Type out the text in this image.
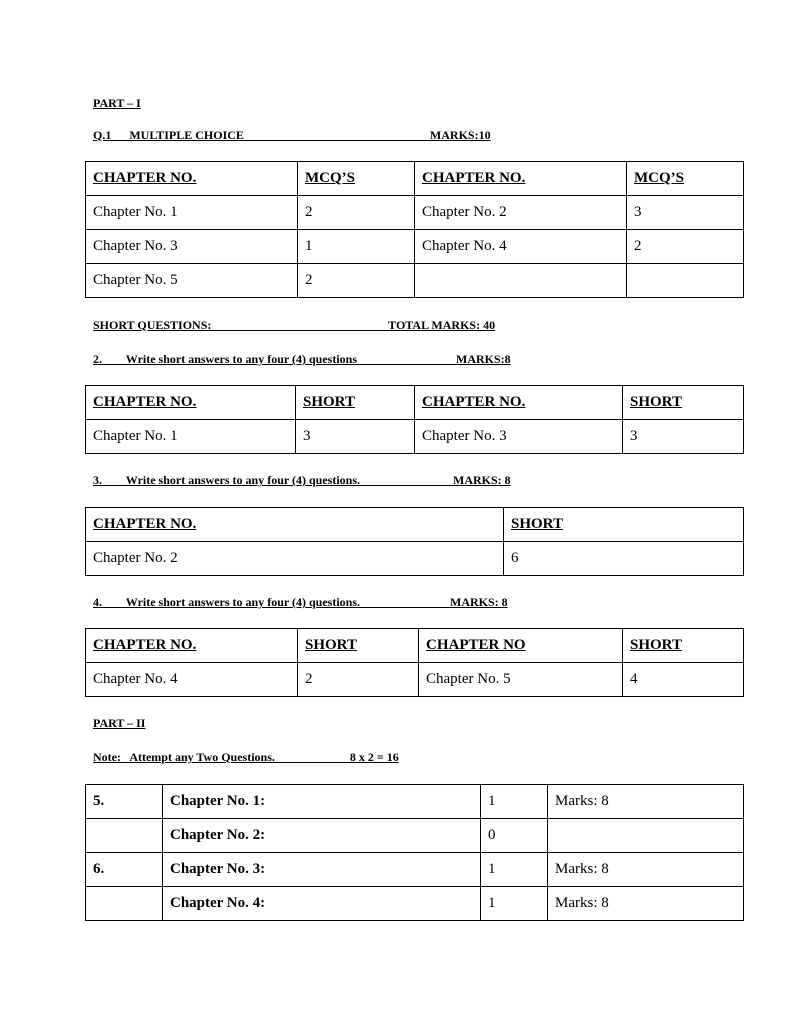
PART – I

Q.1      MULTIPLE CHOICE                                                              MARKS:10

CHAPTER NO.	MCQ’S	CHAPTER NO.	MCQ’S
Chapter No. 1	2	Chapter No. 2	3
Chapter No. 3	1	Chapter No. 4	2
Chapter No. 5	2		

SHORT QUESTIONS:                                                           TOTAL MARKS: 40

2.        Write short answers to any four (4) questions                                 MARKS:8

CHAPTER NO.	SHORT	CHAPTER NO.	SHORT
Chapter No. 1	3	Chapter No. 3	3

3.        Write short answers to any four (4) questions.                               MARKS: 8

CHAPTER NO.	SHORT
Chapter No. 2	6

4.        Write short answers to any four (4) questions.                              MARKS: 8

CHAPTER NO.	SHORT	CHAPTER NO	SHORT
Chapter No. 4	2	Chapter No. 5	4

PART – II

Note:   Attempt any Two Questions.                         8 x 2 = 16

5.	Chapter No. 1:	1	Marks: 8
	Chapter No. 2:	0	
6.	Chapter No. 3:	1	Marks: 8
	Chapter No. 4:	1	Marks: 8
